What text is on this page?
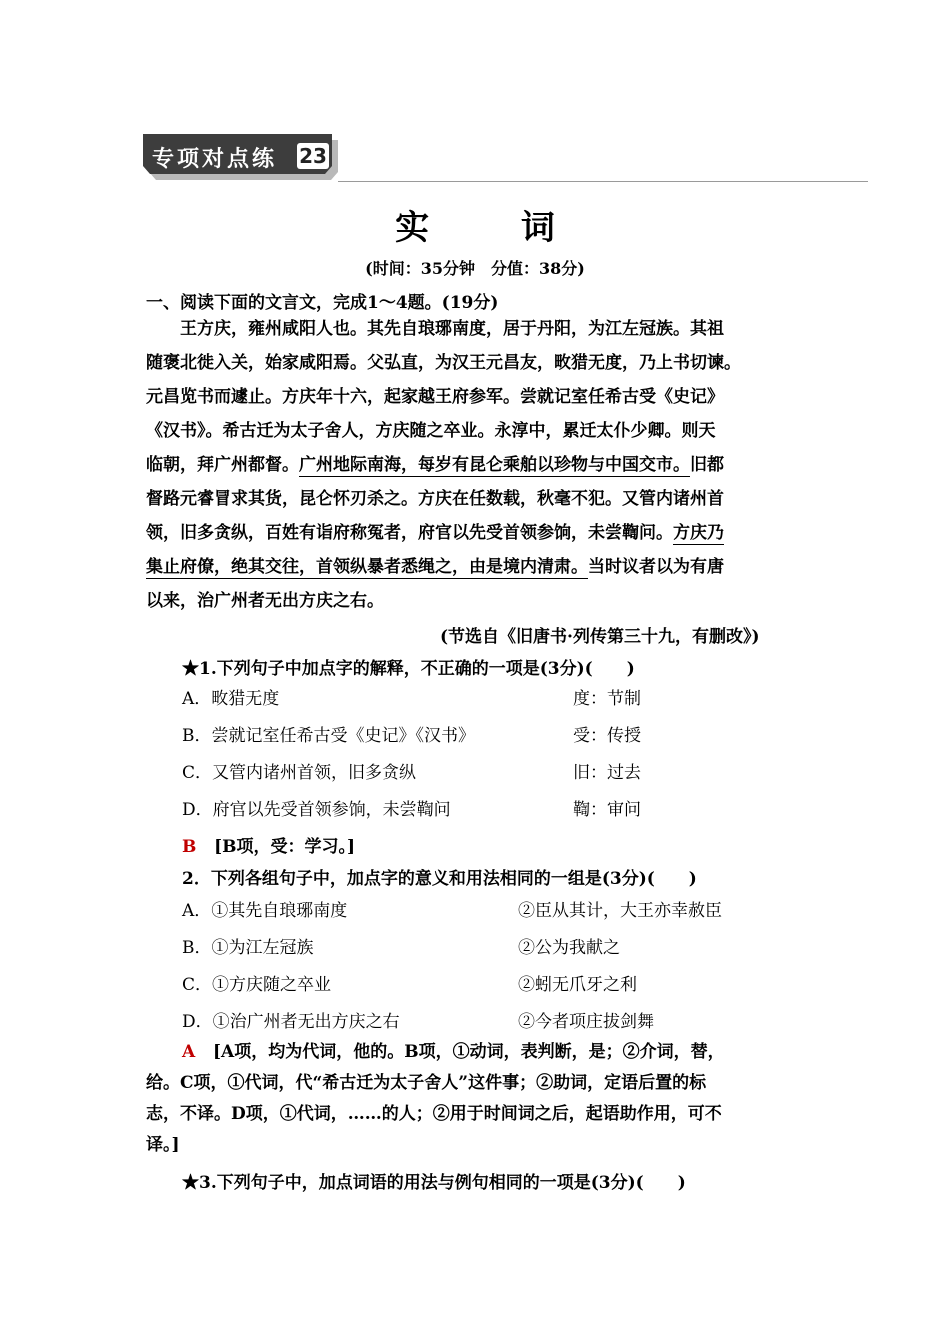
专项对点练 23
实 词
(时间：35分钟　分值：38分)
一、阅读下面的文言文，完成1～4题。(19分)
王方庆，雍州咸阳人也。其先自琅琊南度，居于丹阳，为江左冠族。其祖
随褒北徙入关，始家咸阳焉。父弘直，为汉王元昌友，畋猎无度，乃上书切谏。
元昌览书而遽止。方庆年十六，起家越王府参军。尝就记室任希古受《史记》
《汉书》。希古迁为太子舍人，方庆随之卒业。永淳中，累迁太仆少卿。则天
临朝，拜广州都督。广州地际南海，每岁有昆仑乘舶以珍物与中国交市。旧都
督路元睿冒求其货，昆仑怀刃杀之。方庆在任数载，秋毫不犯。又管内诸州首
领，旧多贪纵，百姓有诣府称冤者，府官以先受首领参饷，未尝鞫问。方庆乃
集止府僚，绝其交往，首领纵暴者悉绳之，由是境内清肃。当时议者以为有唐
以来，治广州者无出方庆之右。
(节选自《旧唐书·列传第三十九，有删改》)
★1.下列句子中加点字的解释，不正确的一项是(3分)(　　)
A．畋猎无度	度：节制
B．尝就记室任希古受《史记》《汉书》	受：传授
C．又管内诸州首领，旧多贪纵	旧：过去
D．府官以先受首领参饷，未尝鞫问	鞫：审问
B [B项，受：学习。]
2．下列各组句子中，加点字的意义和用法相同的一组是(3分)(　　)
A．①其先自琅琊南度	②臣从其计，大王亦幸赦臣
B．①为江左冠族	②公为我献之
C．①方庆随之卒业	②蚓无爪牙之利
D．①治广州者无出方庆之右	②今者项庄拔剑舞
A [A项，均为代词，他的。B项，①动词，表判断，是；②介词，替，
给。C项，①代词，代“希古迁为太子舍人”这件事；②助词，定语后置的标
志，不译。D项，①代词，……的人；②用于时间词之后，起语助作用，可不
译。]
★3.下列句子中，加点词语的用法与例句相同的一项是(3分)(　　)
